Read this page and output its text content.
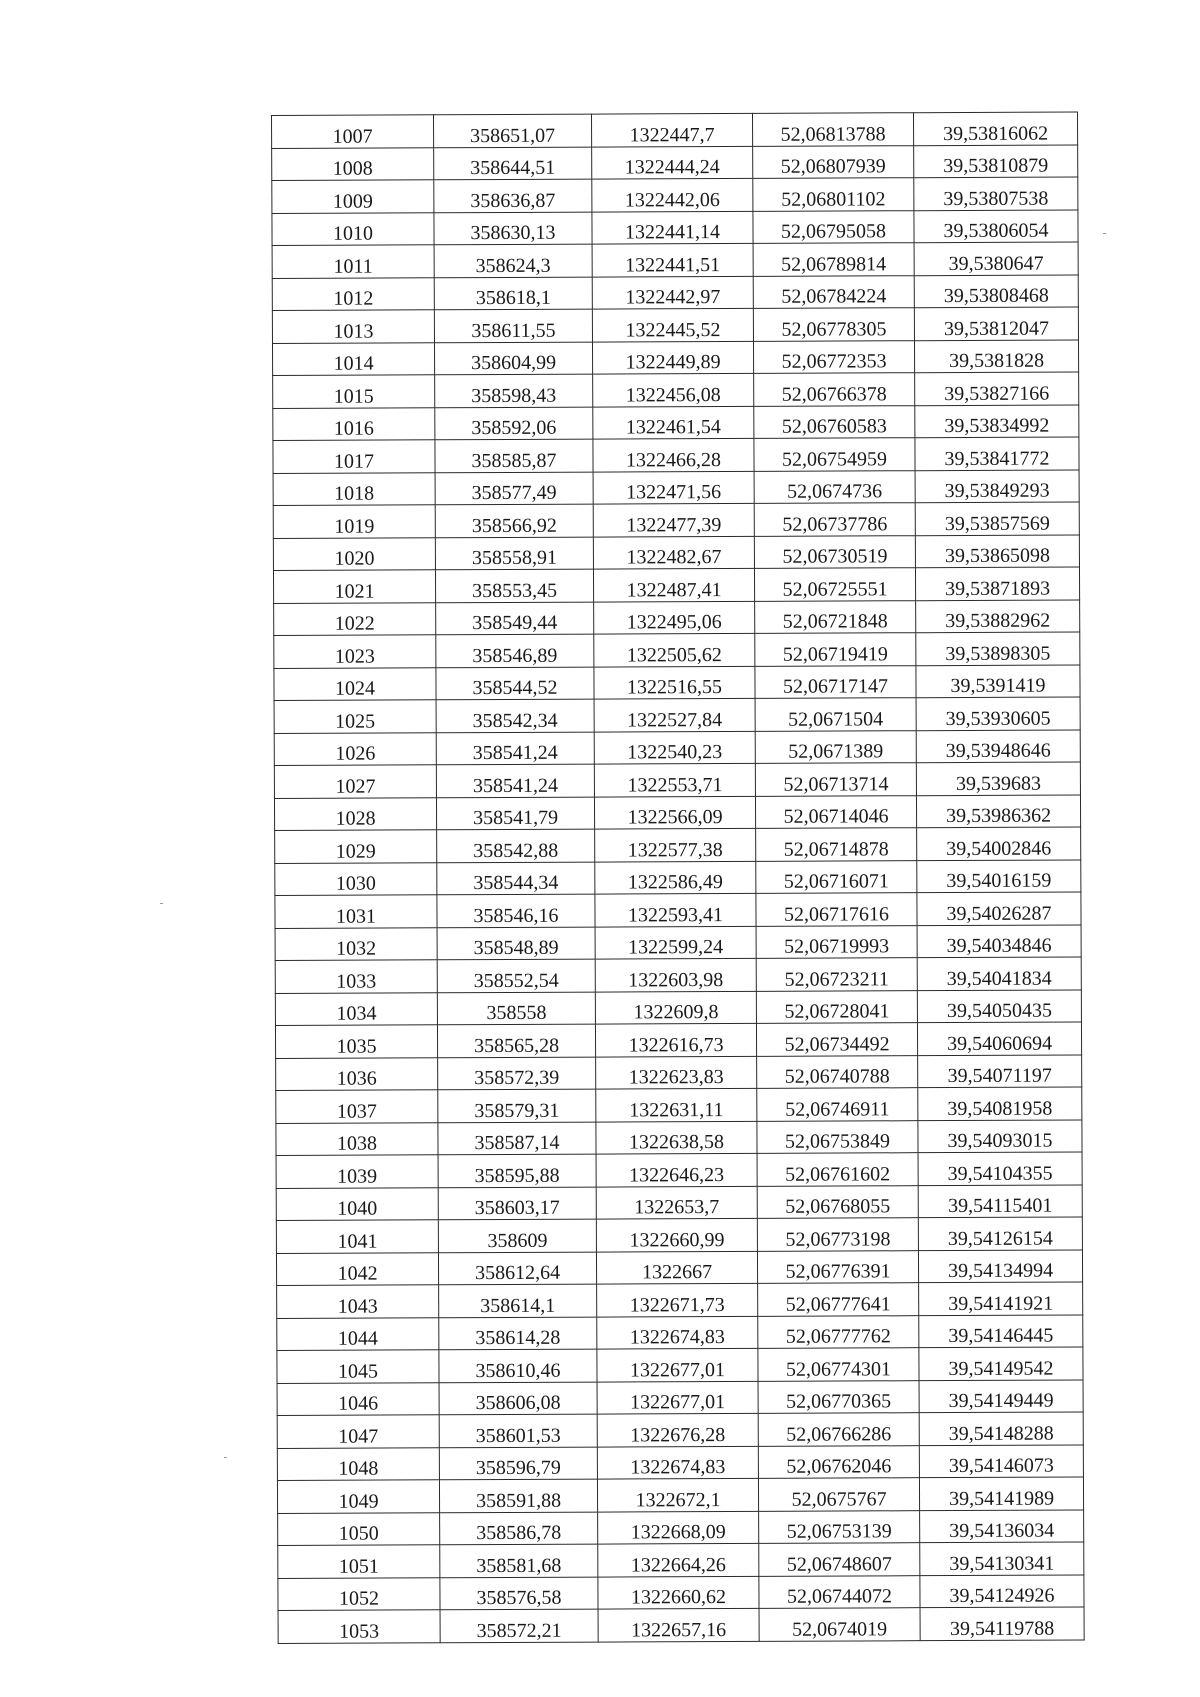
1007	358651,07	1322447,7	52,06813788	39,53816062
1008	358644,51	1322444,24	52,06807939	39,53810879
1009	358636,87	1322442,06	52,06801102	39,53807538
1010	358630,13	1322441,14	52,06795058	39,53806054
1011	358624,3	1322441,51	52,06789814	39,5380647
1012	358618,1	1322442,97	52,06784224	39,53808468
1013	358611,55	1322445,52	52,06778305	39,53812047
1014	358604,99	1322449,89	52,06772353	39,5381828
1015	358598,43	1322456,08	52,06766378	39,53827166
1016	358592,06	1322461,54	52,06760583	39,53834992
1017	358585,87	1322466,28	52,06754959	39,53841772
1018	358577,49	1322471,56	52,0674736	39,53849293
1019	358566,92	1322477,39	52,06737786	39,53857569
1020	358558,91	1322482,67	52,06730519	39,53865098
1021	358553,45	1322487,41	52,06725551	39,53871893
1022	358549,44	1322495,06	52,06721848	39,53882962
1023	358546,89	1322505,62	52,06719419	39,53898305
1024	358544,52	1322516,55	52,06717147	39,5391419
1025	358542,34	1322527,84	52,0671504	39,53930605
1026	358541,24	1322540,23	52,0671389	39,53948646
1027	358541,24	1322553,71	52,06713714	39,539683
1028	358541,79	1322566,09	52,06714046	39,53986362
1029	358542,88	1322577,38	52,06714878	39,54002846
1030	358544,34	1322586,49	52,06716071	39,54016159
1031	358546,16	1322593,41	52,06717616	39,54026287
1032	358548,89	1322599,24	52,06719993	39,54034846
1033	358552,54	1322603,98	52,06723211	39,54041834
1034	358558	1322609,8	52,06728041	39,54050435
1035	358565,28	1322616,73	52,06734492	39,54060694
1036	358572,39	1322623,83	52,06740788	39,54071197
1037	358579,31	1322631,11	52,06746911	39,54081958
1038	358587,14	1322638,58	52,06753849	39,54093015
1039	358595,88	1322646,23	52,06761602	39,54104355
1040	358603,17	1322653,7	52,06768055	39,54115401
1041	358609	1322660,99	52,06773198	39,54126154
1042	358612,64	1322667	52,06776391	39,54134994
1043	358614,1	1322671,73	52,06777641	39,54141921
1044	358614,28	1322674,83	52,06777762	39,54146445
1045	358610,46	1322677,01	52,06774301	39,54149542
1046	358606,08	1322677,01	52,06770365	39,54149449
1047	358601,53	1322676,28	52,06766286	39,54148288
1048	358596,79	1322674,83	52,06762046	39,54146073
1049	358591,88	1322672,1	52,0675767	39,54141989
1050	358586,78	1322668,09	52,06753139	39,54136034
1051	358581,68	1322664,26	52,06748607	39,54130341
1052	358576,58	1322660,62	52,06744072	39,54124926
1053	358572,21	1322657,16	52,0674019	39,54119788
